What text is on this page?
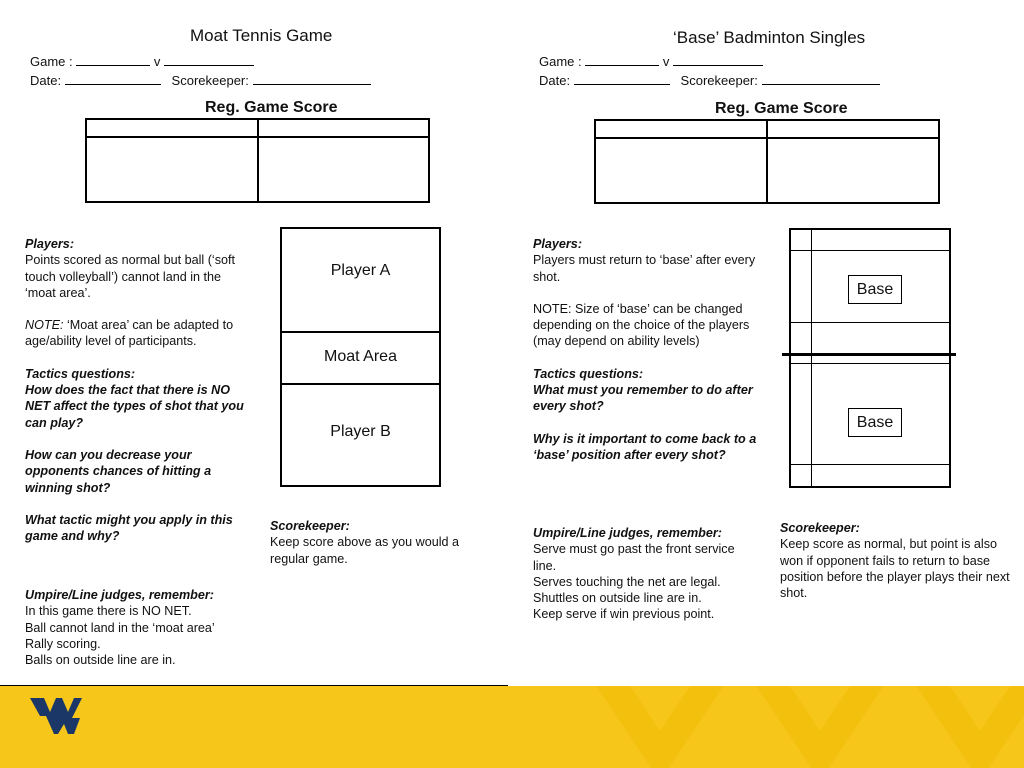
Moat Tennis Game
Game :	v
Date:	Scorekeeper:
Reg. Game Score

Players:

Points scored as normal but ball (‘soft touch volleyball’) cannot land in the ‘moat area’.

NOTE: ‘Moat area’ can be adapted to age/ability level of participants.

Tactics questions:

How does the fact that there is NO NET affect the types of shot that you can play?

How can you decrease your opponents chances of hitting a winning shot?

What tactic might you apply in this game and why?

Umpire/Line judges, remember:

In this game there is NO NET.

Ball cannot land in the ‘moat area’

Rally scoring.

Balls on outside line are in.

Player A
Moat Area
Player B

Scorekeeper:

Keep score above as you would a regular game.

‘Base’ Badminton Singles
Game :	v
Date:	Scorekeeper:
Reg. Game Score

Players:

Players must return to ‘base’ after every shot.

NOTE: Size of ‘base’ can be changed depending on the choice of the players (may depend on ability levels)

Tactics questions:

What must you remember to do after every shot?

Why is it important to come back to a ‘base’ position after every shot?

Umpire/Line judges, remember:

Serve must go past the front service line.

Serves touching the net are legal.

Shuttles on outside line are in.

Keep serve if win previous point.

Base
Base

Scorekeeper:

Keep score as normal, but point is also won if opponent fails to return to base position before the player plays their next shot.
